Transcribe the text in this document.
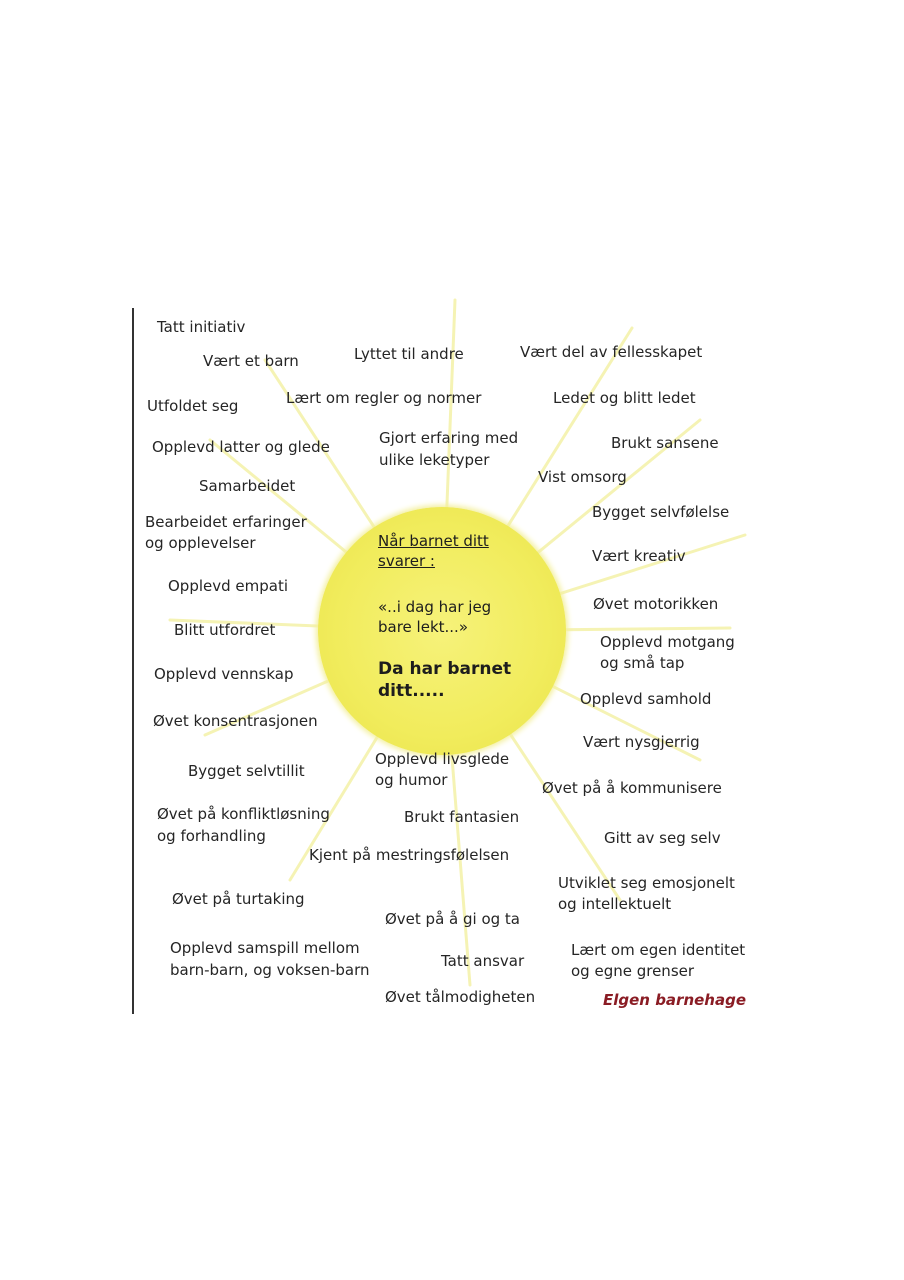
Når barnet ditt
svarer :
«..i dag har jeg
bare lekt...»
Da har barnet
ditt.....
Tatt initiativ
Vært et barn	Lyttet til andre	Vært del av fellesskapet
Utfoldet seg	Lært om regler og normer	Ledet og blitt ledet
Opplevd latter og glede	Gjort erfaring med
ulike leketyper
Brukt sansene
Vist omsorg
Samarbeidet
Bygget selvfølelse
Bearbeidet erfaringer
og opplevelser
Vært kreativ
Opplevd empati
Øvet motorikken
Blitt utfordret
Opplevd motgang
og små tap
Opplevd vennskap
Opplevd samhold
Øvet konsentrasjonen
Vært nysgjerrig
Opplevd livsglede
og humor
Bygget selvtillit
Øvet på å kommunisere
Øvet på konfliktløsning
og forhandling
Brukt fantasien
Gitt av seg selv
Kjent på mestringsfølelsen
Utviklet seg emosjonelt
og intellektuelt
Øvet på turtaking
Øvet på å gi og ta
Opplevd samspill mellom
barn-barn, og voksen-barn	Tatt ansvar
Lært om egen identitet
og egne grenser
Øvet tålmodigheten	Elgen barnehage
